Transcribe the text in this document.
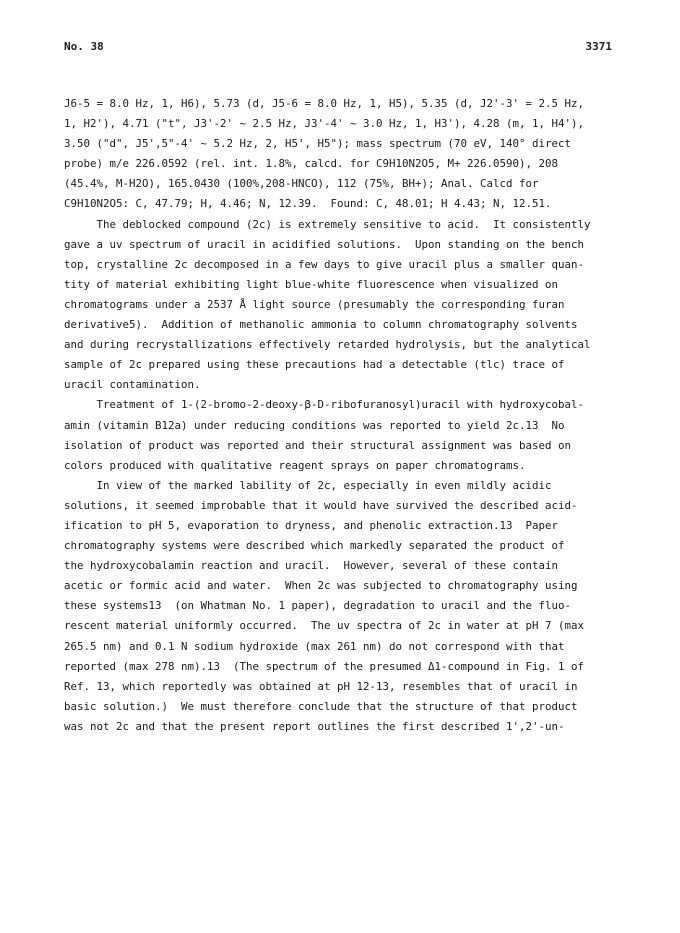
No. 38	3371
J6-5 = 8.0 Hz, 1, H6), 5.73 (d, J5-6 = 8.0 Hz, 1, H5), 5.35 (d, J2'-3' = 2.5 Hz,
1, H2'), 4.71 ("t", J3'-2' ~ 2.5 Hz, J3'-4' ~ 3.0 Hz, 1, H3'), 4.28 (m, 1, H4'),
3.50 ("d", J5',5"-4' ~ 5.2 Hz, 2, H5', H5"); mass spectrum (70 eV, 140° direct
probe) m/e 226.0592 (rel. int. 1.8%, calcd. for C9H10N2O5, M+ 226.0590), 208
(45.4%, M-H2O), 165.0430 (100%,208-HNCO), 112 (75%, BH+); Anal. Calcd for
C9H10N2O5: C, 47.79; H, 4.46; N, 12.39.  Found: C, 48.01; H 4.43; N, 12.51.
The deblocked compound (2c) is extremely sensitive to acid.  It consistently
gave a uv spectrum of uracil in acidified solutions.  Upon standing on the bench
top, crystalline 2c decomposed in a few days to give uracil plus a smaller quan-
tity of material exhibiting light blue-white fluorescence when visualized on
chromatograms under a 2537 Å light source (presumably the corresponding furan
derivative5).  Addition of methanolic ammonia to column chromatography solvents
and during recrystallizations effectively retarded hydrolysis, but the analytical
sample of 2c prepared using these precautions had a detectable (tlc) trace of
uracil contamination.
Treatment of 1-(2-bromo-2-deoxy-β-D-ribofuranosyl)uracil with hydroxycobal-
amin (vitamin B12a) under reducing conditions was reported to yield 2c.13  No
isolation of product was reported and their structural assignment was based on
colors produced with qualitative reagent sprays on paper chromatograms.
In view of the marked lability of 2c, especially in even mildly acidic
solutions, it seemed improbable that it would have survived the described acid-
ification to pH 5, evaporation to dryness, and phenolic extraction.13  Paper
chromatography systems were described which markedly separated the product of
the hydroxycobalamin reaction and uracil.  However, several of these contain
acetic or formic acid and water.  When 2c was subjected to chromatography using
these systems13  (on Whatman No. 1 paper), degradation to uracil and the fluo-
rescent material uniformly occurred.  The uv spectra of 2c in water at pH 7 (max
265.5 nm) and 0.1 N sodium hydroxide (max 261 nm) do not correspond with that
reported (max 278 nm).13  (The spectrum of the presumed Δ1-compound in Fig. 1 of
Ref. 13, which reportedly was obtained at pH 12-13, resembles that of uracil in
basic solution.)  We must therefore conclude that the structure of that product
was not 2c and that the present report outlines the first described 1',2'-un-
